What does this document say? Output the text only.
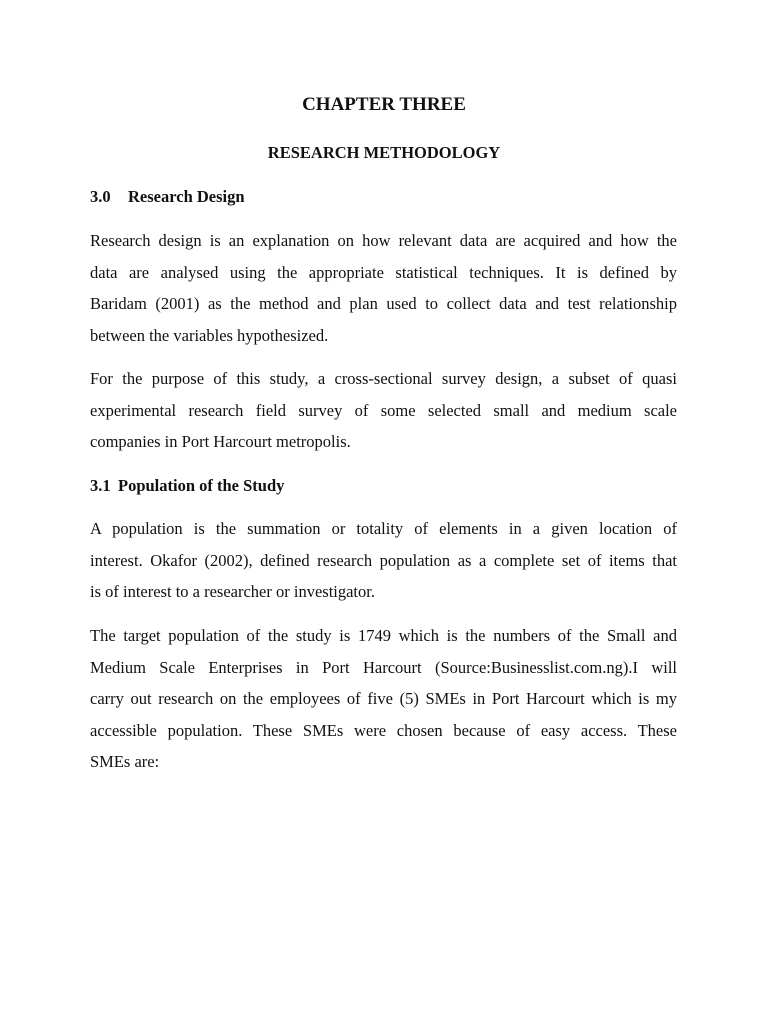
CHAPTER THREE
RESEARCH METHODOLOGY
3.0 Research Design
Research design is an explanation on how relevant data are acquired and how the
data are analysed using the appropriate statistical techniques. It is defined by
Baridam (2001) as the method and plan used to collect data and test relationship
between the variables hypothesized.
For the purpose of this study, a cross-sectional survey design, a subset of quasi
experimental research field survey of some selected small and medium scale
companies in Port Harcourt metropolis.
3.1 Population of the Study
A population is the summation or totality of elements in a given location of
interest. Okafor (2002), defined research population as a complete set of items that
is of interest to a researcher or investigator.
The target population of the study is 1749 which is the numbers of the Small and
Medium Scale Enterprises in Port Harcourt (Source:Businesslist.com.ng).I will
carry out research on the employees of five (5) SMEs in Port Harcourt which is my
accessible population. These SMEs were chosen because of easy access. These
SMEs are:
